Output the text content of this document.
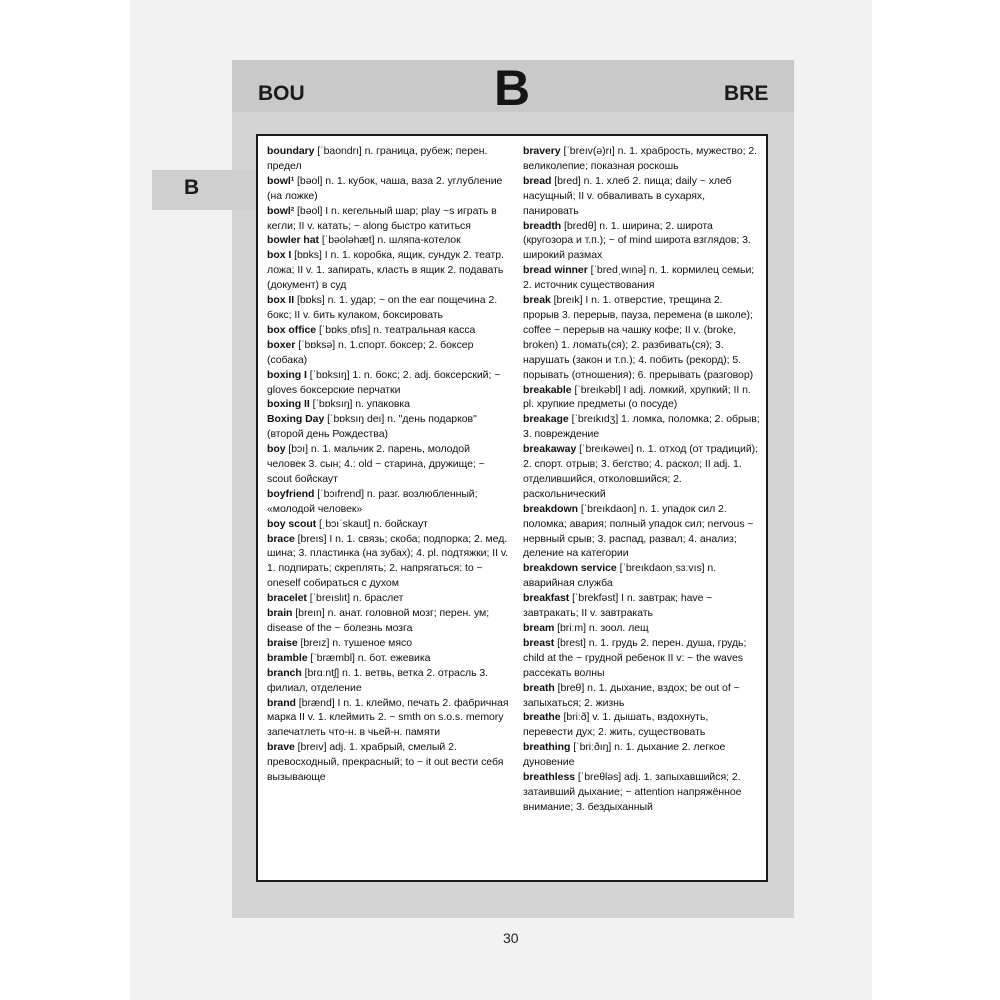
BOU	B	BRE
B

boundary [ˈbaondrı] n. граница, рубеж; перен. предел

bowl¹ [bəol] n. 1. кубок, чаша, ваза 2. углубление (на ложке)

bowl² [bəol] I n. кегельный шар; play ~s играть в кегли; II v. катать; ~ along быстро катиться

bowler hat [ˈbəoləhæt] n. шляпа-котелок

box I [bɒks] I n. 1. коробка, ящик, сундук 2. театр. ложа; II v. 1. запирать, класть в ящик 2. подавать (документ) в суд

box II [bɒks] n. 1. удар; ~ on the ear пощечина 2. бокс; II v. бить кулаком, боксировать

box office [ˈbɒksˌɒfıs] n. театральная касса

boxer [ˈbɒksə] n. 1.спорт. боксер; 2. боксер (собака)

boxing I [ˈbɒksıŋ] 1. n. бокс; 2. adj. боксерский; ~ gloves боксерские перчатки

boxing II [ˈbɒksıŋ] n. упаковка

Boxing Day [ˈbɒksıŋ deı] n. "день подарков" (второй день Рождества)

boy [bɔı] n. 1. мальчик 2. парень, молодой человек 3. сын; 4.: old ~ старина, дружище; ~ scout бойскаут

boyfriend [ˈbɔıfrend] n. разг. возлюбленный; «молодой человек»

boy scout [ˌbɔıˈskaut] n. бойскаут

brace [breıs] I n. 1. связь; скоба; подпорка; 2. мед. шина; 3. пластинка (на зубах); 4. pl. подтяжки; II v. 1. подпирать; скреплять; 2. напрягаться: to ~ oneself собираться с духом

bracelet [ˈbreıslıt] n. браслет

brain [breın] n. анат. головной мозг; перен. ум; disease of the ~ болезнь мозга

braise [breız] n. тушеное мясо

bramble [ˈbræmbl] n. бот. ежевика

branch [brɑːntʃ] n. 1. ветвь, ветка 2. отрасль 3. филиал, отделение

brand [brænd] I n. 1. клеймо, печать 2. фабричная марка II v. 1. клеймить 2. ~ smth on s.o.s. memory запечатлеть что-н. в чьей-н. памяти

brave [breıv] adj. 1. храбрый, смелый 2. превосходный, прекрасный; to ~ it out вести себя вызывающе

bravery [ˈbreıv(ə)rı] n. 1. храбрость, мужество; 2. великолепие; показная роскошь

bread [bred] n. 1. хлеб 2. пища; daily ~ хлеб насущный; II v. обваливать в сухарях, панировать

breadth [bredθ] n. 1. ширина; 2. широта (кругозора и т.п.); ~ of mind широта взглядов; 3. широкий размах

bread winner [ˈbredˌwınə] n. 1. кормилец семьи; 2. источник существования

break [breık] I n. 1. отверстие, трещина 2. прорыв 3. перерыв, пауза, перемена (в школе); coffee ~ перерыв на чашку кофе; II v. (broke, broken) 1. ломать(ся); 2. разбивать(ся); 3. нарушать (закон и т.п.); 4. побить (рекорд); 5. порывать (отношения); 6. прерывать (разговор)

breakable [ˈbreıkəbl] I adj. ломкий, хрупкий; II n. pl. хрупкие предметы (о посуде)

breakage [ˈbreıkıdʒ] 1. ломка, поломка; 2. обрыв; 3. повреждение

breakaway [ˈbreıkəweı] n. 1. отход (от традиций); 2. спорт. отрыв; 3. бегство; 4. раскол; II adj. 1. отделившийся, отколовшийся; 2. раскольнический

breakdown [ˈbreıkdaon] n. 1. упадок сил 2. поломка; авария; полный упадок сил; nervous ~ нервный срыв; 3. распад, развал; 4. анализ; деление на категории

breakdown service [ˈbreıkdaonˌsɜːvıs] n. аварийная служба

breakfast [ˈbrekfəst] I n. завтрак; have ~ завтракать; II v. завтракать

bream [briːm] n. зоол. лещ

breast [brest] n. 1. грудь 2. перен. душа, грудь; child at the ~ грудной ребенок II v: ~ the waves рассекать волны

breath [breθ] n. 1. дыхание, вздох; be out of ~ запыхаться; 2. жизнь

breathe [briːð] v. 1. дышать, вздохнуть, перевести дух; 2. жить, существовать

breathing [ˈbriːðıŋ] n. 1. дыхание 2. легкое дуновение

breathless [ˈbreθləs] adj. 1. запыхавшийся; 2. затаивший дыхание; ~ attention напряжённое внимание; 3. бездыханный

30
